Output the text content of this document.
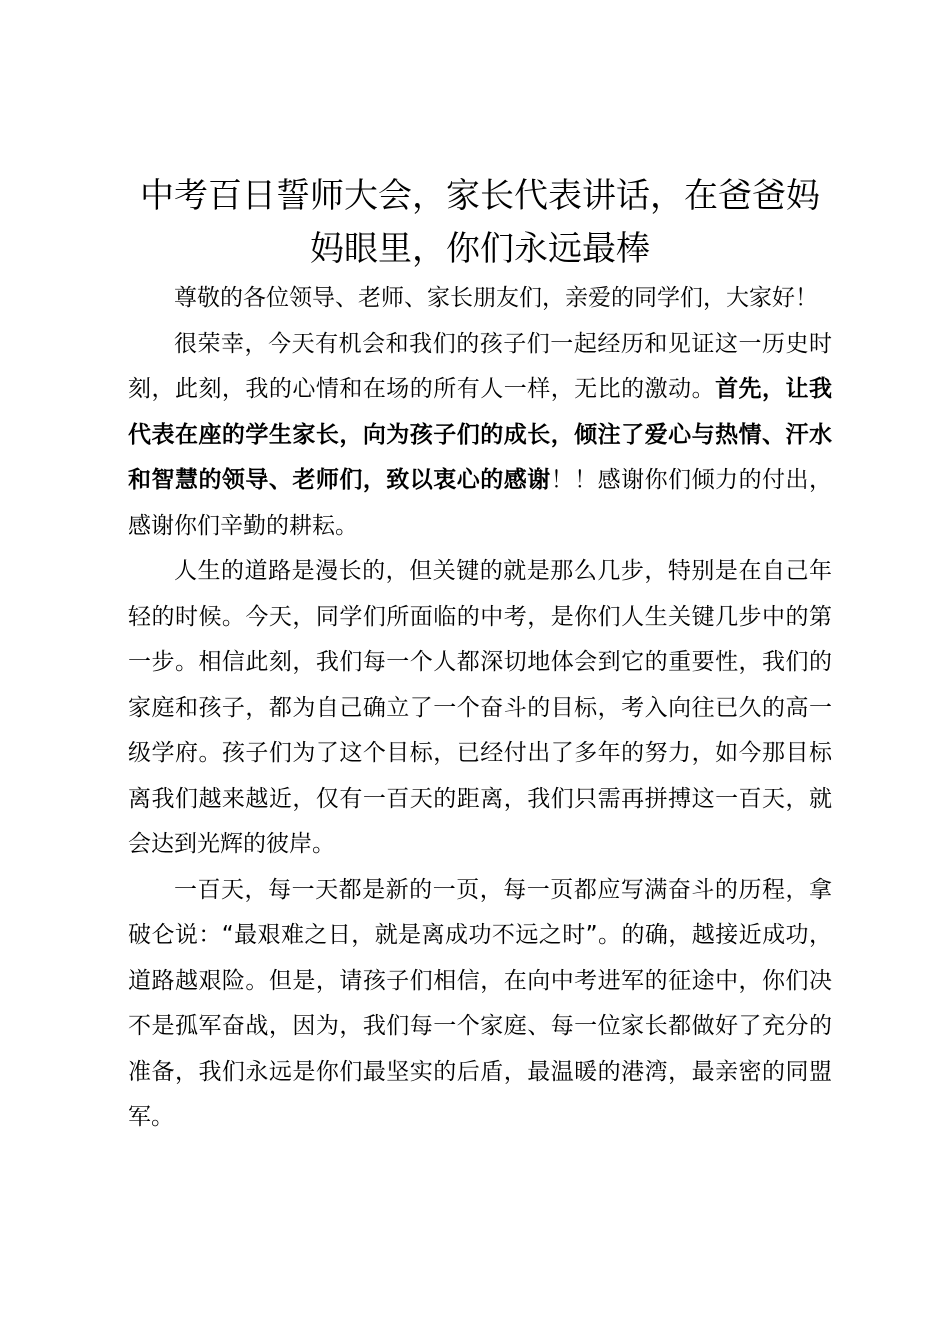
中考百日誓师大会，家长代表讲话，在爸爸妈妈眼里，你们永远最棒

尊敬的各位领导、老师、家长朋友们，亲爱的同学们，大家好！

很荣幸，今天有机会和我们的孩子们一起经历和见证这一历史时刻，此刻，我的心情和在场的所有人一样，无比的激动。首先，让我代表在座的学生家长，向为孩子们的成长，倾注了爱心与热情、汗水和智慧的领导、老师们，致以衷心的感谢！！感谢你们倾力的付出，感谢你们辛勤的耕耘。

人生的道路是漫长的，但关键的就是那么几步，特别是在自己年轻的时候。今天，同学们所面临的中考，是你们人生关键几步中的第一步。相信此刻，我们每一个人都深切地体会到它的重要性，我们的家庭和孩子，都为自己确立了一个奋斗的目标，考入向往已久的高一级学府。孩子们为了这个目标，已经付出了多年的努力，如今那目标离我们越来越近，仅有一百天的距离，我们只需再拼搏这一百天，就会达到光辉的彼岸。

一百天，每一天都是新的一页，每一页都应写满奋斗的历程，拿破仑说：“最艰难之日，就是离成功不远之时”。的确，越接近成功，道路越艰险。但是，请孩子们相信，在向中考进军的征途中，你们决不是孤军奋战，因为，我们每一个家庭、每一位家长都做好了充分的准备，我们永远是你们最坚实的后盾，最温暖的港湾，最亲密的同盟军。
